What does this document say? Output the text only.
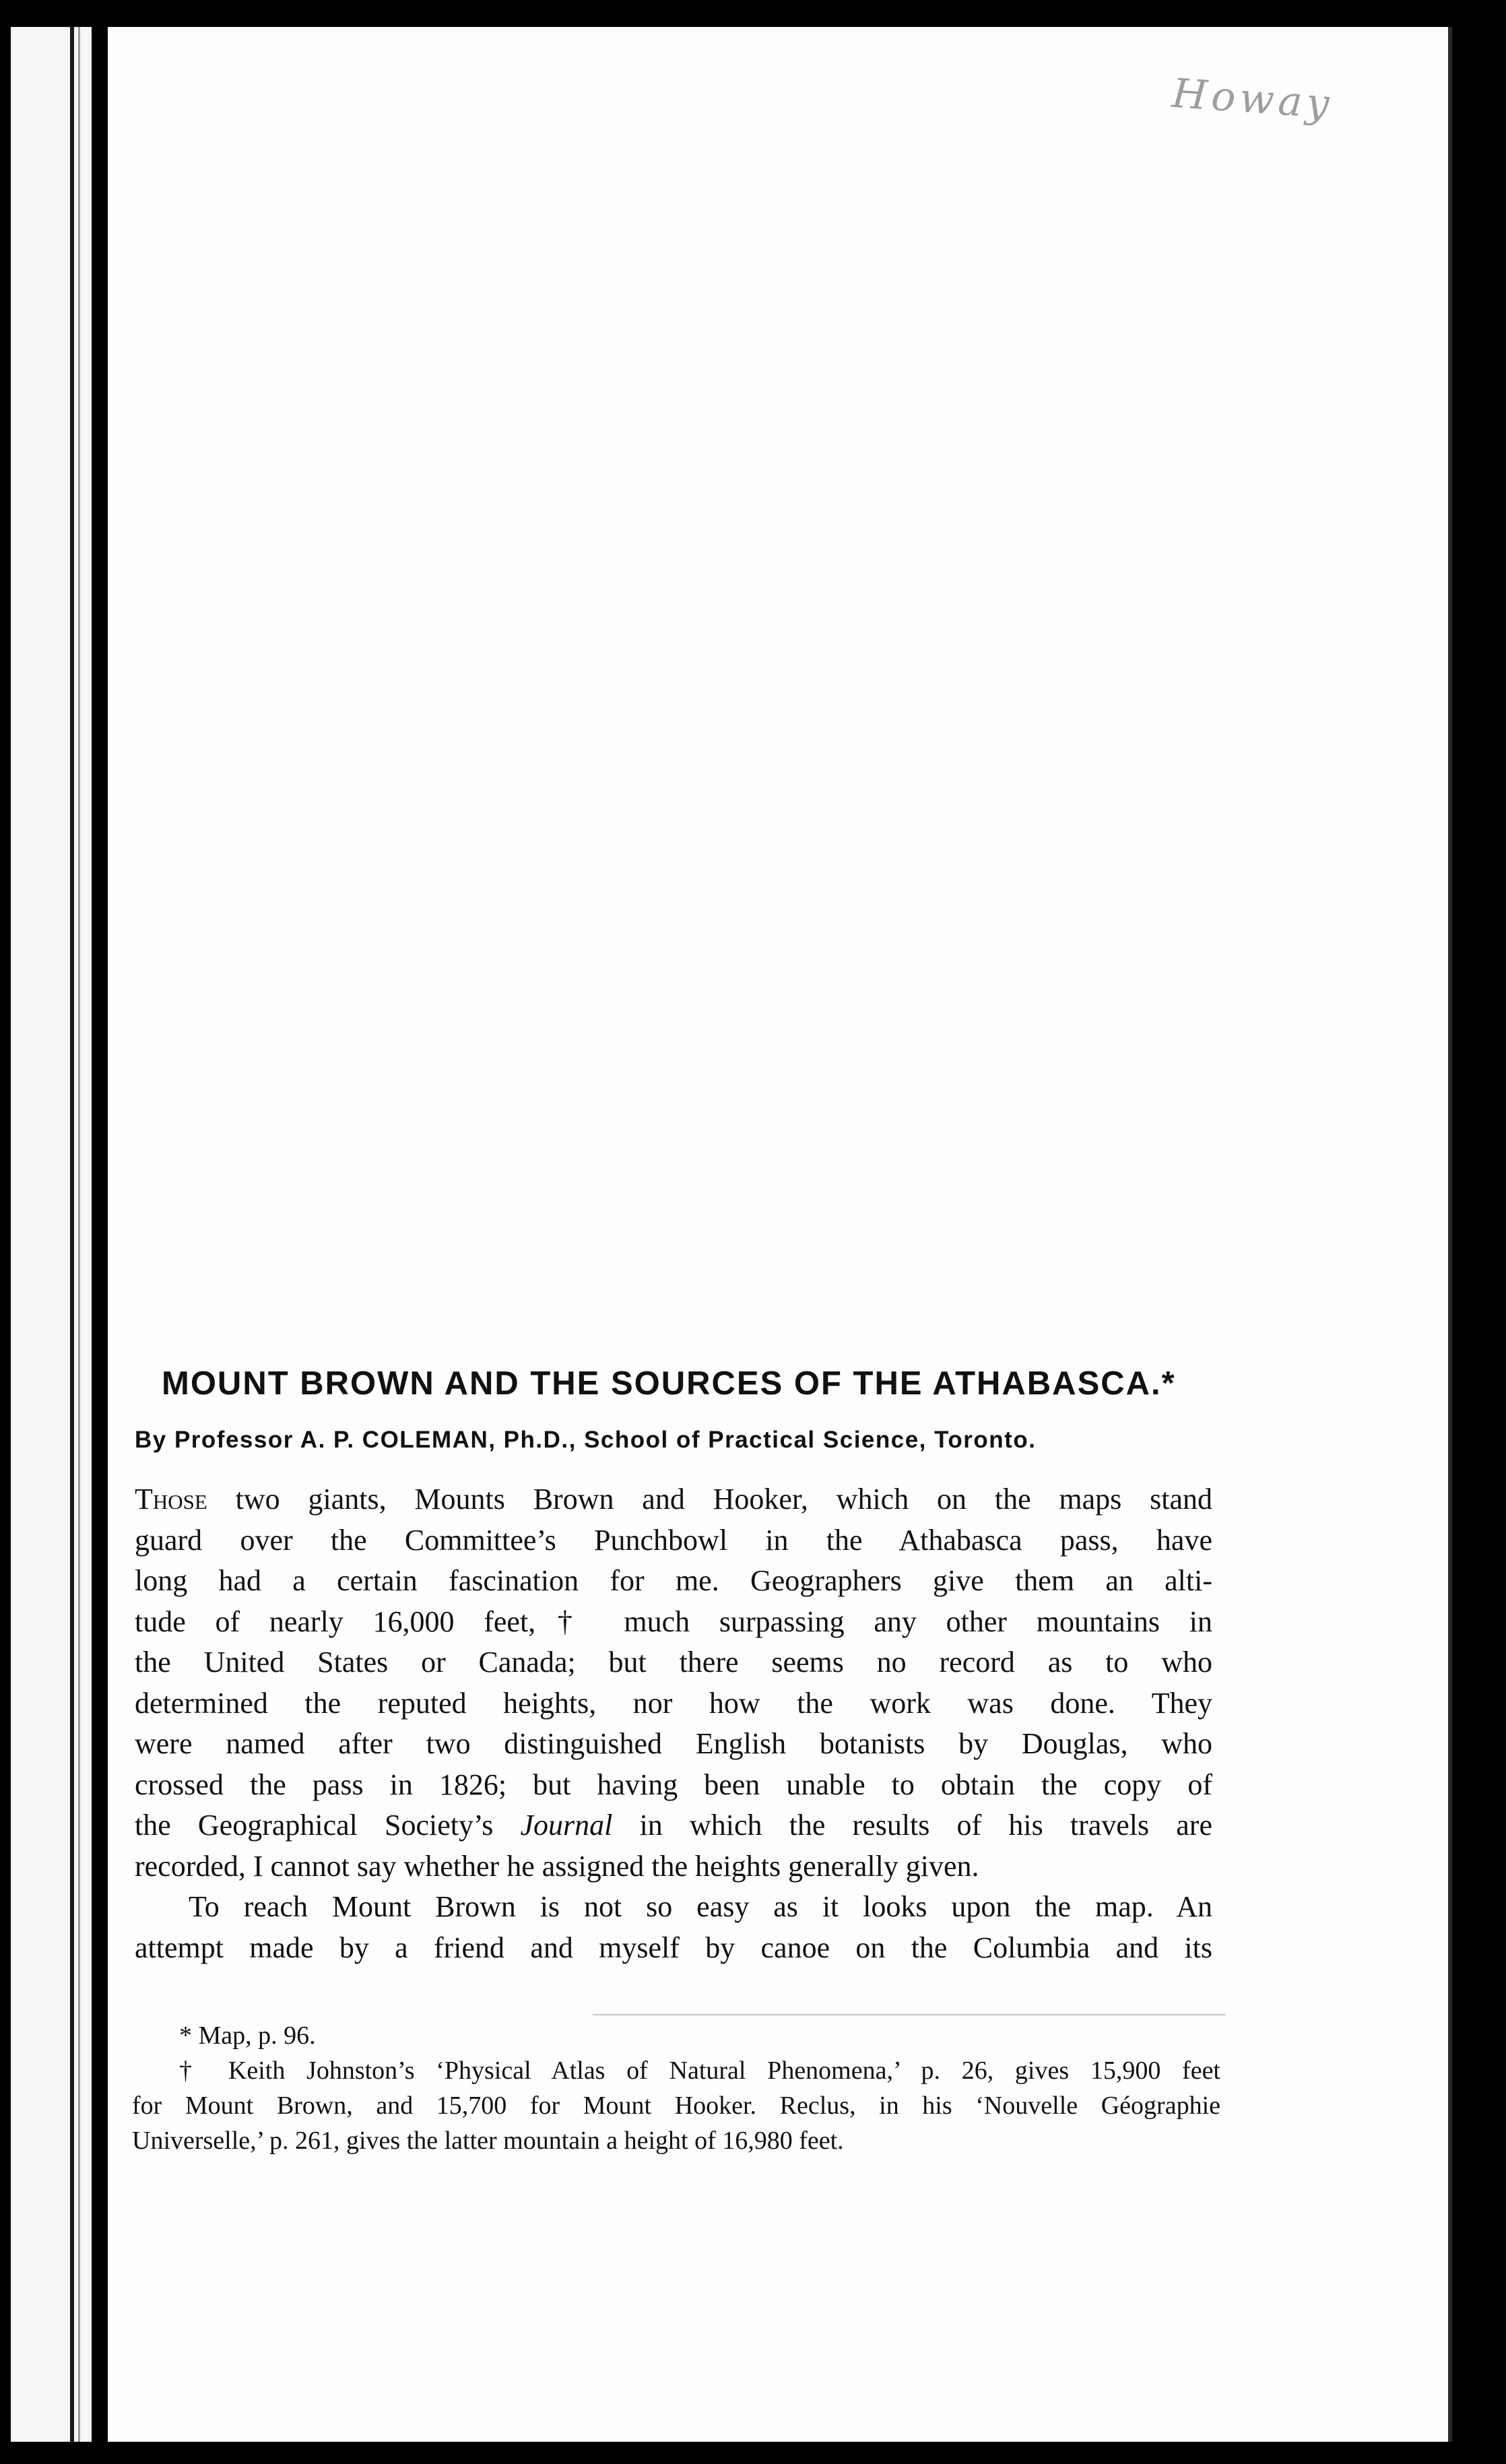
Howay
MOUNT BROWN AND THE SOURCES OF THE ATHABASCA.*
By Professor A. P. COLEMAN, Ph.D., School of Practical Science, Toronto.
Those two giants, Mounts Brown and Hooker, which on the maps stand
guard over the Committee’s Punchbowl in the Athabasca pass, have
long had a certain fascination for me. Geographers give them an alti-
tude of nearly 16,000 feet,† much surpassing any other mountains in
the United States or Canada; but there seems no record as to who
determined the reputed heights, nor how the work was done. They
were named after two distinguished English botanists by Douglas, who
crossed the pass in 1826; but having been unable to obtain the copy of
the Geographical Society’s Journal in which the results of his travels are
recorded, I cannot say whether he assigned the heights generally given.
To reach Mount Brown is not so easy as it looks upon the map. An
attempt made by a friend and myself by canoe on the Columbia and its
* Map, p. 96.
† Keith Johnston’s ‘Physical Atlas of Natural Phenomena,’ p. 26, gives 15,900 feet
for Mount Brown, and 15,700 for Mount Hooker. Reclus, in his ‘Nouvelle Géographie
Universelle,’ p. 261, gives the latter mountain a height of 16,980 feet.
